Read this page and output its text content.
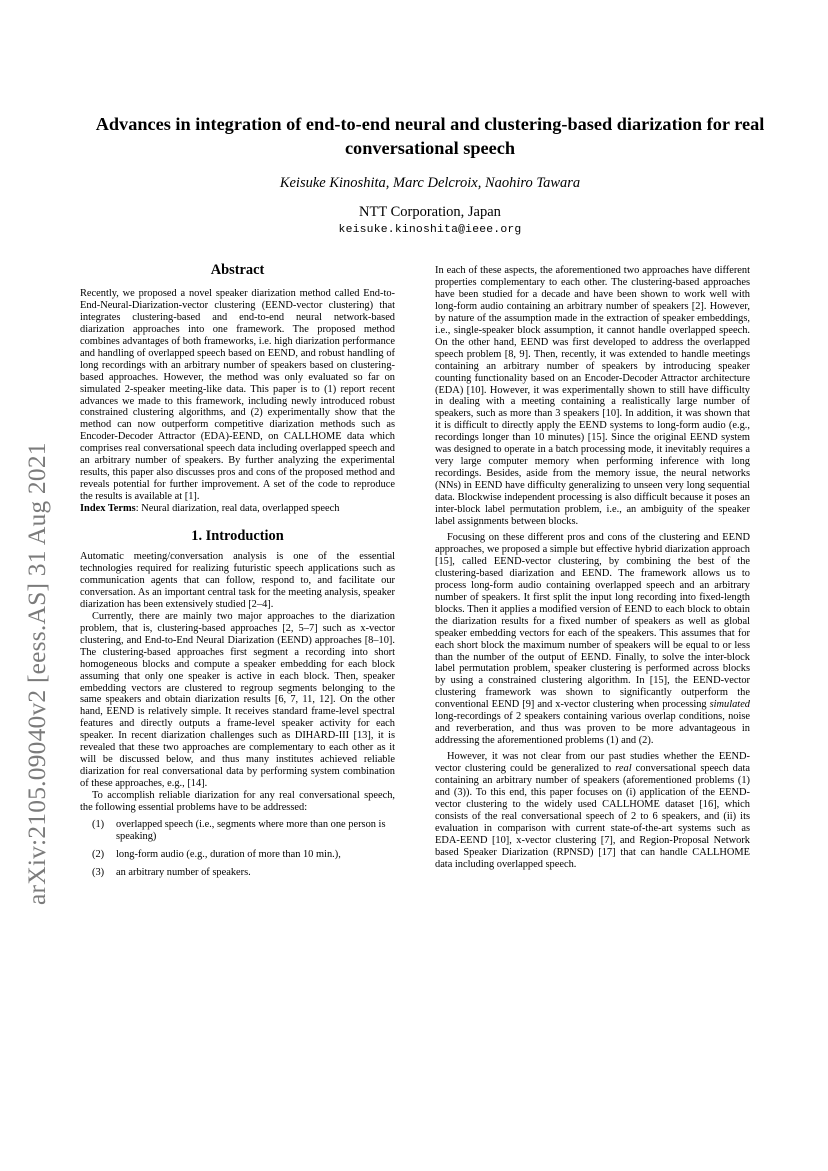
arXiv:2105.09040v2 [eess.AS] 31 Aug 2021
Advances in integration of end-to-end neural and clustering-based diarization for real conversational speech
Keisuke Kinoshita, Marc Delcroix, Naohiro Tawara
NTT Corporation, Japan
keisuke.kinoshita@ieee.org
Abstract

Recently, we proposed a novel speaker diarization method called End-to-End-Neural-Diarization-vector clustering (EEND-vector clustering) that integrates clustering-based and end-to-end neural network-based diarization approaches into one framework. The proposed method combines advantages of both frameworks, i.e. high diarization performance and handling of overlapped speech based on EEND, and robust handling of long recordings with an arbitrary number of speakers based on clustering-based approaches. However, the method was only evaluated so far on simulated 2-speaker meeting-like data. This paper is to (1) report recent advances we made to this framework, including newly introduced robust constrained clustering algorithms, and (2) experimentally show that the method can now outperform competitive diarization methods such as Encoder-Decoder Attractor (EDA)-EEND, on CALLHOME data which comprises real conversational speech data including overlapped speech and an arbitrary number of speakers. By further analyzing the experimental results, this paper also discusses pros and cons of the proposed method and reveals potential for further improvement. A set of the code to reproduce the results is available at [1].

Index Terms: Neural diarization, real data, overlapped speech

1. Introduction

Automatic meeting/conversation analysis is one of the essential technologies required for realizing futuristic speech applications such as communication agents that can follow, respond to, and facilitate our conversation. As an important central task for the meeting analysis, speaker diarization has been extensively studied [2–4].

Currently, there are mainly two major approaches to the diarization problem, that is, clustering-based approaches [2, 5–7] such as x-vector clustering, and End-to-End Neural Diarization (EEND) approaches [8–10]. The clustering-based approaches first segment a recording into short homogeneous blocks and compute a speaker embedding for each block assuming that only one speaker is active in each block. Then, speaker embedding vectors are clustered to regroup segments belonging to the same speakers and obtain diarization results [6, 7, 11, 12]. On the other hand, EEND is relatively simple. It receives standard frame-level spectral features and directly outputs a frame-level speaker activity for each speaker. In recent diarization challenges such as DIHARD-III [13], it is revealed that these two approaches are complementary to each other as it will be discussed below, and thus many institutes achieved reliable diarization for real conversational data by performing system combination of these approaches, e.g., [14].

To accomplish reliable diarization for any real conversational speech, the following essential problems have to be addressed:

(1) overlapped speech (i.e., segments where more than one person is speaking)
(2) long-form audio (e.g., duration of more than 10 min.),
(3) an arbitrary number of speakers.

In each of these aspects, the aforementioned two approaches have different properties complementary to each other. The clustering-based approaches have been studied for a decade and have been shown to work well with long-form audio containing an arbitrary number of speakers [2]. However, by nature of the assumption made in the extraction of speaker embeddings, i.e., single-speaker block assumption, it cannot handle overlapped speech. On the other hand, EEND was first developed to address the overlapped speech problem [8, 9]. Then, recently, it was extended to handle meetings containing an arbitrary number of speakers by introducing speaker counting functionality based on an Encoder-Decoder Attractor architecture (EDA) [10]. However, it was experimentally shown to still have difficulty in dealing with a meeting containing a realistically large number of speakers, such as more than 3 speakers [10]. In addition, it was shown that it is difficult to directly apply the EEND systems to long-form audio (e.g., recordings longer than 10 minutes) [15]. Since the original EEND system was designed to operate in a batch processing mode, it inevitably requires a very large computer memory when performing inference with long recordings. Besides, aside from the memory issue, the neural networks (NNs) in EEND have difficulty generalizing to unseen very long sequential data. Blockwise independent processing is also difficult because it poses an inter-block label permutation problem, i.e., an ambiguity of the speaker label assignments between blocks.

Focusing on these different pros and cons of the clustering and EEND approaches, we proposed a simple but effective hybrid diarization approach [15], called EEND-vector clustering, by combining the best of the clustering-based diarization and EEND. The framework allows us to process long-form audio containing overlapped speech and an arbitrary number of speakers. It first split the input long recording into fixed-length blocks. Then it applies a modified version of EEND to each block to obtain the diarization results for a fixed number of speakers as well as global speaker embedding vectors for each of the speakers. This assumes that for each short block the maximum number of speakers will be equal to or less than the number of the output of EEND. Finally, to solve the inter-block label permutation problem, speaker clustering is performed across blocks by using a constrained clustering algorithm. In [15], the EEND-vector clustering framework was shown to significantly outperform the conventional EEND [9] and x-vector clustering when processing simulated long-recordings of 2 speakers containing various overlap conditions, noise and reverberation, and thus was proven to be more advantageous in addressing the aforementioned problems (1) and (2).

However, it was not clear from our past studies whether the EEND-vector clustering could be generalized to real conversational speech data containing an arbitrary number of speakers (aforementioned problems (1) and (3)). To this end, this paper focuses on (i) application of the EEND-vector clustering to the widely used CALLHOME dataset [16], which consists of the real conversational speech of 2 to 6 speakers, and (ii) its evaluation in comparison with current state-of-the-art systems such as EDA-EEND [10], x-vector clustering [7], and Region-Proposal Network based Speaker Diarization (RPNSD) [17] that can handle CALLHOME data including overlapped speech.
